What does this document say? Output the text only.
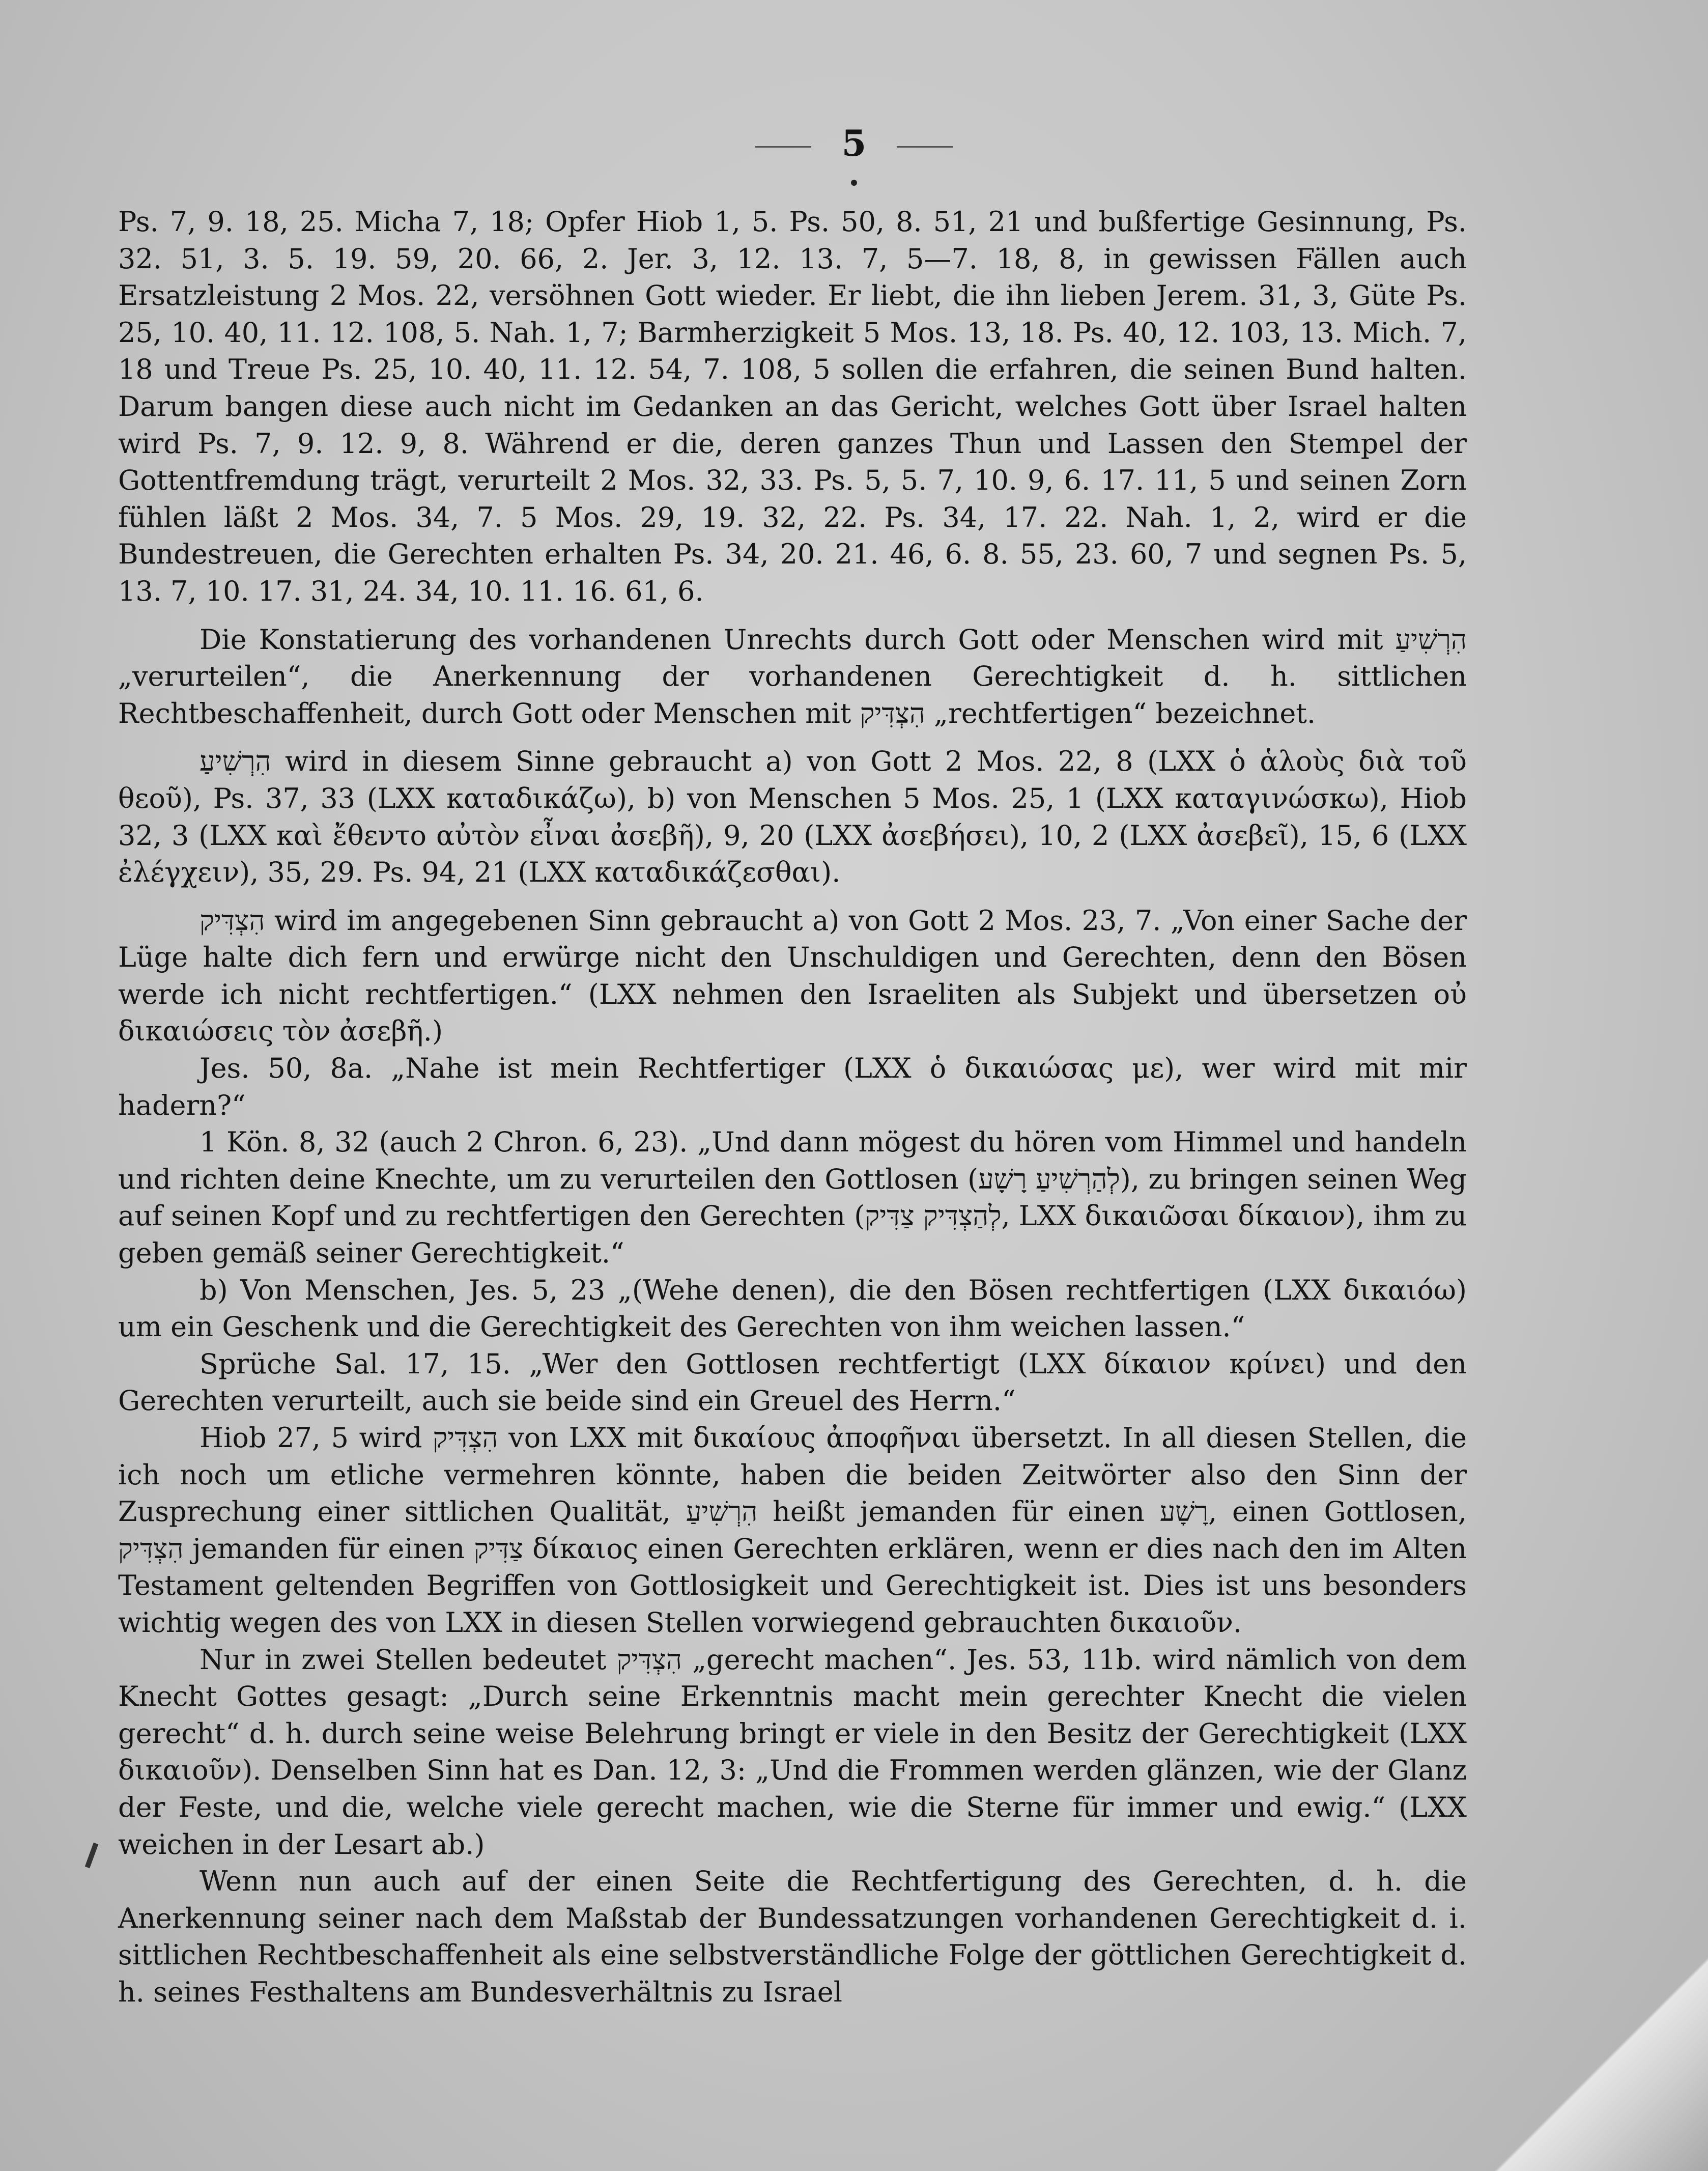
5

Ps. 7, 9. 18, 25. Micha 7, 18; Opfer Hiob 1, 5. Ps. 50, 8. 51, 21 und bußfertige Gesinnung, Ps. 32. 51, 3. 5. 19. 59, 20. 66, 2. Jer. 3, 12. 13. 7, 5—7. 18, 8, in gewissen Fällen auch Ersatzleistung 2 Mos. 22, versöhnen Gott wieder. Er liebt, die ihn lieben Jerem. 31, 3, Güte Ps. 25, 10. 40, 11. 12. 108, 5. Nah. 1, 7; Barmherzigkeit 5 Mos. 13, 18. Ps. 40, 12. 103, 13. Mich. 7, 18 und Treue Ps. 25, 10. 40, 11. 12. 54, 7. 108, 5 sollen die erfahren, die seinen Bund halten. Darum bangen diese auch nicht im Gedanken an das Gericht, welches Gott über Israel halten wird Ps. 7, 9. 12. 9, 8. Während er die, deren ganzes Thun und Lassen den Stempel der Gottentfremdung trägt, verurteilt 2 Mos. 32, 33. Ps. 5, 5. 7, 10. 9, 6. 17. 11, 5 und seinen Zorn fühlen läßt 2 Mos. 34, 7. 5 Mos. 29, 19. 32, 22. Ps. 34, 17. 22. Nah. 1, 2, wird er die Bundestreuen, die Gerechten erhalten Ps. 34, 20. 21. 46, 6. 8. 55, 23. 60, 7 und segnen Ps. 5, 13. 7, 10. 17. 31, 24. 34, 10. 11. 16. 61, 6.

Die Konstatierung des vorhandenen Unrechts durch Gott oder Menschen wird mit הִרְשִׁיעַ „verurteilen“, die Anerkennung der vorhandenen Gerechtigkeit d. h. sittlichen Rechtbeschaffenheit, durch Gott oder Menschen mit הִצְדִּיק „rechtfertigen“ bezeichnet.

הִרְשִׁיעַ wird in diesem Sinne gebraucht a) von Gott 2 Mos. 22, 8 (LXX ὁ ἁλοὺς διὰ τοῦ θεοῦ), Ps. 37, 33 (LXX καταδικάζω), b) von Menschen 5 Mos. 25, 1 (LXX καταγινώσκω), Hiob 32, 3 (LXX καὶ ἔθεντο αὐτὸν εἶναι ἀσεβῆ), 9, 20 (LXX ἀσεβήσει), 10, 2 (LXX ἀσεβεῖ), 15, 6 (LXX ἐλέγχειν), 35, 29. Ps. 94, 21 (LXX καταδικάζεσθαι).

הִצְדִּיק wird im angegebenen Sinn gebraucht a) von Gott 2 Mos. 23, 7. „Von einer Sache der Lüge halte dich fern und erwürge nicht den Unschuldigen und Gerechten, denn den Bösen werde ich nicht rechtfertigen.“ (LXX nehmen den Israeliten als Subjekt und übersetzen οὐ δικαιώσεις τὸν ἀσεβῆ.)

Jes. 50, 8a. „Nahe ist mein Rechtfertiger (LXX ὁ δικαιώσας με), wer wird mit mir hadern?“

1 Kön. 8, 32 (auch 2 Chron. 6, 23). „Und dann mögest du hören vom Himmel und handeln und richten deine Knechte, um zu verurteilen den Gottlosen (לְהַרְשִׁיעַ רָשָׁע), zu bringen seinen Weg auf seinen Kopf und zu rechtfertigen den Gerechten (לְהַצְדִּיק צַדִּיק, LXX δικαιῶσαι δίκαιον), ihm zu geben gemäß seiner Gerechtigkeit.“

b) Von Menschen, Jes. 5, 23 „(Wehe denen), die den Bösen rechtfertigen (LXX δικαιόω) um ein Geschenk und die Gerechtigkeit des Gerechten von ihm weichen lassen.“

Sprüche Sal. 17, 15. „Wer den Gottlosen rechtfertigt (LXX δίκαιον κρίνει) und den Gerechten verurteilt, auch sie beide sind ein Greuel des Herrn.“

Hiob 27, 5 wird הִצְדִּיק von LXX mit δικαίους ἀποφῆναι übersetzt. In all diesen Stellen, die ich noch um etliche vermehren könnte, haben die beiden Zeitwörter also den Sinn der Zusprechung einer sittlichen Qualität, הִרְשִׁיעַ heißt jemanden für einen רָשָׁע, einen Gottlosen, הִצְדִּיק jemanden für einen צַדִּיק δίκαιος einen Gerechten erklären, wenn er dies nach den im Alten Testament geltenden Begriffen von Gottlosigkeit und Gerechtigkeit ist. Dies ist uns besonders wichtig wegen des von LXX in diesen Stellen vorwiegend gebrauchten δικαιοῦν.

Nur in zwei Stellen bedeutet הִצְדִּיק „gerecht machen“. Jes. 53, 11b. wird nämlich von dem Knecht Gottes gesagt: „Durch seine Erkenntnis macht mein gerechter Knecht die vielen gerecht“ d. h. durch seine weise Belehrung bringt er viele in den Besitz der Gerechtigkeit (LXX δικαιοῦν). Denselben Sinn hat es Dan. 12, 3: „Und die Frommen werden glänzen, wie der Glanz der Feste, und die, welche viele gerecht machen, wie die Sterne für immer und ewig.“ (LXX weichen in der Lesart ab.)

Wenn nun auch auf der einen Seite die Rechtfertigung des Gerechten, d. h. die Anerkennung seiner nach dem Maßstab der Bundessatzungen vorhandenen Gerechtigkeit d. i. sittlichen Rechtbeschaffenheit als eine selbstverständliche Folge der göttlichen Gerechtigkeit d. h. seines Festhaltens am Bundesverhältnis zu Israel
